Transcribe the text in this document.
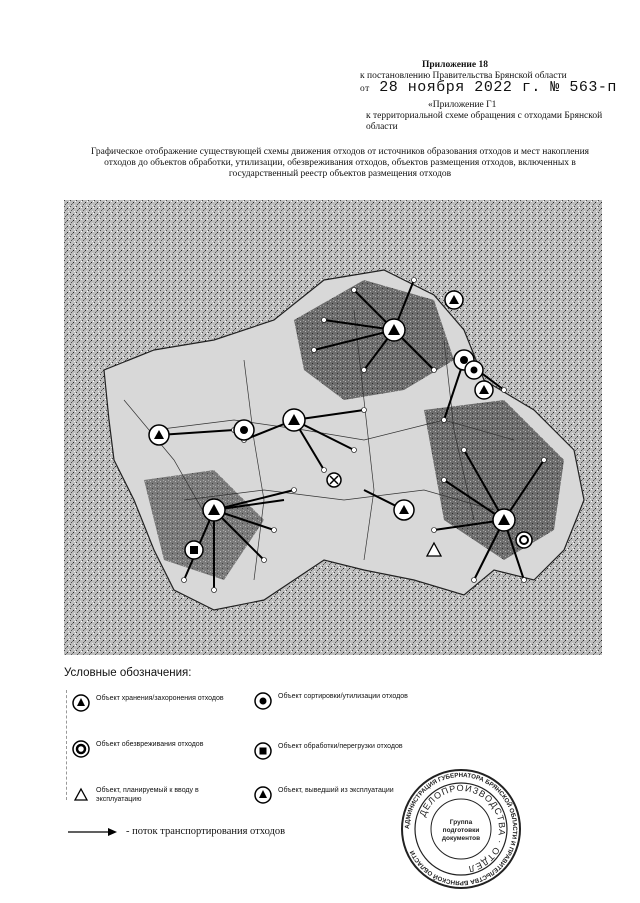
Приложение 18
к постановлению Правительства Брянской области
от 28 ноября 2022 г. № 563-п
«Приложение Г1
к территориальной схеме обращения с отходами Брянской области
Графическое отображение существующей схемы движения отходов от источников образования отходов и мест накопления отходов до объектов обработки, утилизации, обезвреживания отходов, объектов размещения отходов, включенных в государственный реестр объектов размещения отходов
Условные обозначения:
Объект хранения/захоронения отходов	Объект сортировки/утилизации отходов
Объект обезвреживания отходов	Объект обработки/перегрузки отходов
Объект, планируемый к вводу в эксплуатацию
Объект, выведший из эксплуатации
- поток транспортирования отходов	АДМИНИСТРАЦИЯ ГУБЕРНАТОРА БРЯНСКОЙ ОБЛАСТИ И ПРАВИТЕЛЬСТВА БРЯНСКОЙ ОБЛАСТИ
ДЕЛОПРОИЗВОДСТВА · ОТДЕЛ
Группа
подготовки
документов
